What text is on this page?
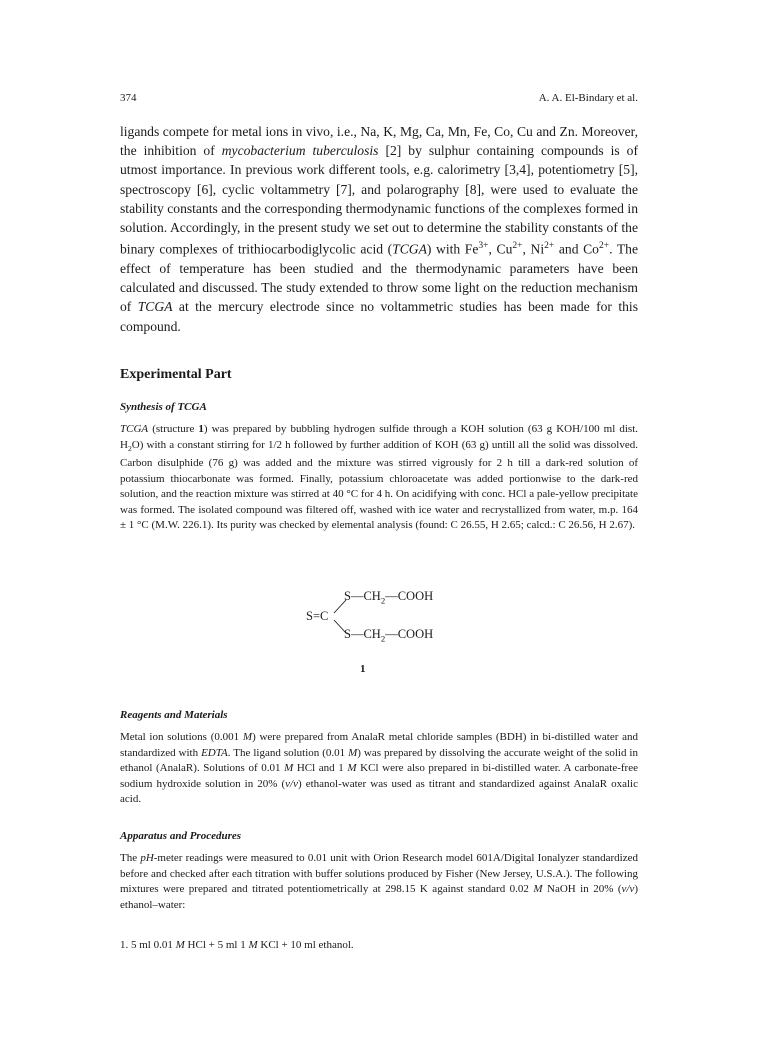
374	A. A. El-Bindary et al.

ligands compete for metal ions in vivo, i.e., Na, K, Mg, Ca, Mn, Fe, Co, Cu and Zn. Moreover, the inhibition of mycobacterium tuberculosis [2] by sulphur containing compounds is of utmost importance. In previous work different tools, e.g. calorimetry [3,4], potentiometry [5], spectroscopy [6], cyclic voltammetry [7], and polarography [8], were used to evaluate the stability constants and the corresponding thermodynamic functions of the complexes formed in solution. Accordingly, in the present study we set out to determine the stability constants of the binary complexes of trithiocarbodiglycolic acid (TCGA) with $Fe^{3+}$, $Cu^{2+}$, $Ni^{2+}$ and $Co^{2+}$. The effect of temperature has been studied and the thermodynamic parameters have been calculated and discussed. The study extended to throw some light on the reduction mechanism of TCGA at the mercury electrode since no voltammetric studies has been made for this compound.

Experimental Part
Synthesis of TCGA

TCGA (structure 1) was prepared by bubbling hydrogen sulfide through a KOH solution (63 g KOH/100 ml dist. $H_2O$) with a constant stirring for 1/2 h followed by further addition of KOH (63 g) untill all the solid was dissolved. Carbon disulphide (76 g) was added and the mixture was stirred vigrously for 2 h till a dark-red solution of potassium thiocarbonate was formed. Finally, potassium chloroacetate was added portionwise to the dark-red solution, and the reaction mixture was stirred at 40 °C for 4 h. On acidifying with conc. HCl a pale-yellow precipitate was formed. The isolated compound was filtered off, washed with ice water and recrystallized from water, m.p. 164 ± 1 °C (M.W. 226.1). Its purity was checked by elemental analysis (found: C 26.55, H 2.65; calcd.: C 26.56, H 2.67).

$S—CH_2—COOH$
S=C
$S—CH_2—COOH$
1
Reagents and Materials

Metal ion solutions (0.001 M) were prepared from AnalaR metal chloride samples (BDH) in bi-distilled water and standardized with EDTA. The ligand solution (0.01 M) was prepared by dissolving the accurate weight of the solid in ethanol (AnalaR). Solutions of 0.01 M HCl and 1 M KCl were also prepared in bi-distilled water. A carbonate-free sodium hydroxide solution in 20% (v/v) ethanol-water was used as titrant and standardized against AnalaR oxalic acid.

Apparatus and Procedures

The pH-meter readings were measured to 0.01 unit with Orion Research model 601A/Digital Ionalyzer standardized before and checked after each titration with buffer solutions produced by Fisher (New Jersey, U.S.A.). The following mixtures were prepared and titrated potentiometrically at 298.15 K against standard 0.02 M NaOH in 20% (v/v) ethanol–water:

1. 5 ml 0.01 M HCl + 5 ml 1 M KCl + 10 ml ethanol.
